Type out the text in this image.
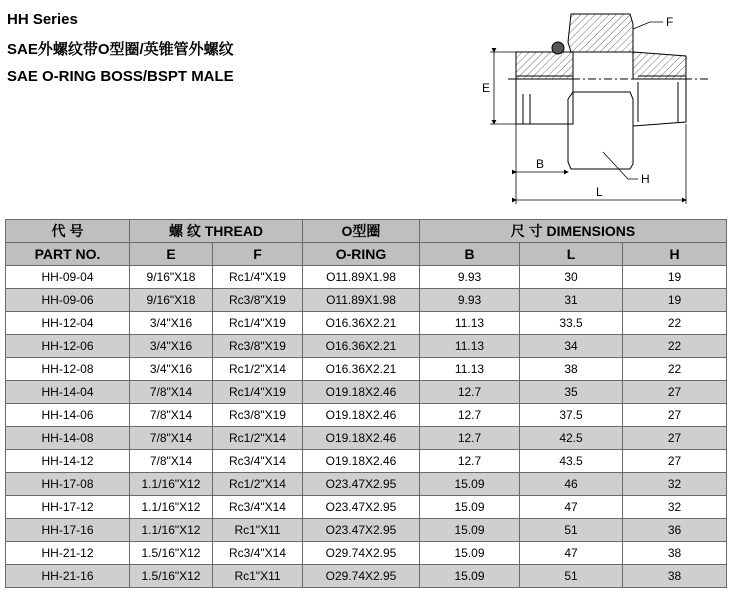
HH Series
SAE外螺纹带O型圈/英锥管外螺纹
SAE O-RING BOSS/BSPT MALE
E
F
B
L
H
代 号	螺 纹 THREAD		O型圈	尺 寸 DIMENSIONS		
PART NO.	E	F	O-RING	B	L	H
HH-09-04	9/16"X18	Rc1/4"X19	O11.89X1.98	9.93	30	19
HH-09-06	9/16"X18	Rc3/8"X19	O11.89X1.98	9.93	31	19
HH-12-04	3/4"X16	Rc1/4"X19	O16.36X2.21	11.13	33.5	22
HH-12-06	3/4"X16	Rc3/8"X19	O16.36X2.21	11.13	34	22
HH-12-08	3/4"X16	Rc1/2"X14	O16.36X2.21	11.13	38	22
HH-14-04	7/8"X14	Rc1/4"X19	O19.18X2.46	12.7	35	27
HH-14-06	7/8"X14	Rc3/8"X19	O19.18X2.46	12.7	37.5	27
HH-14-08	7/8"X14	Rc1/2"X14	O19.18X2.46	12.7	42.5	27
HH-14-12	7/8"X14	Rc3/4"X14	O19.18X2.46	12.7	43.5	27
HH-17-08	1.1/16"X12	Rc1/2"X14	O23.47X2.95	15.09	46	32
HH-17-12	1.1/16"X12	Rc3/4"X14	O23.47X2.95	15.09	47	32
HH-17-16	1.1/16"X12	Rc1"X11	O23.47X2.95	15.09	51	36
HH-21-12	1.5/16"X12	Rc3/4"X14	O29.74X2.95	15.09	47	38
HH-21-16	1.5/16"X12	Rc1"X11	O29.74X2.95	15.09	51	38
